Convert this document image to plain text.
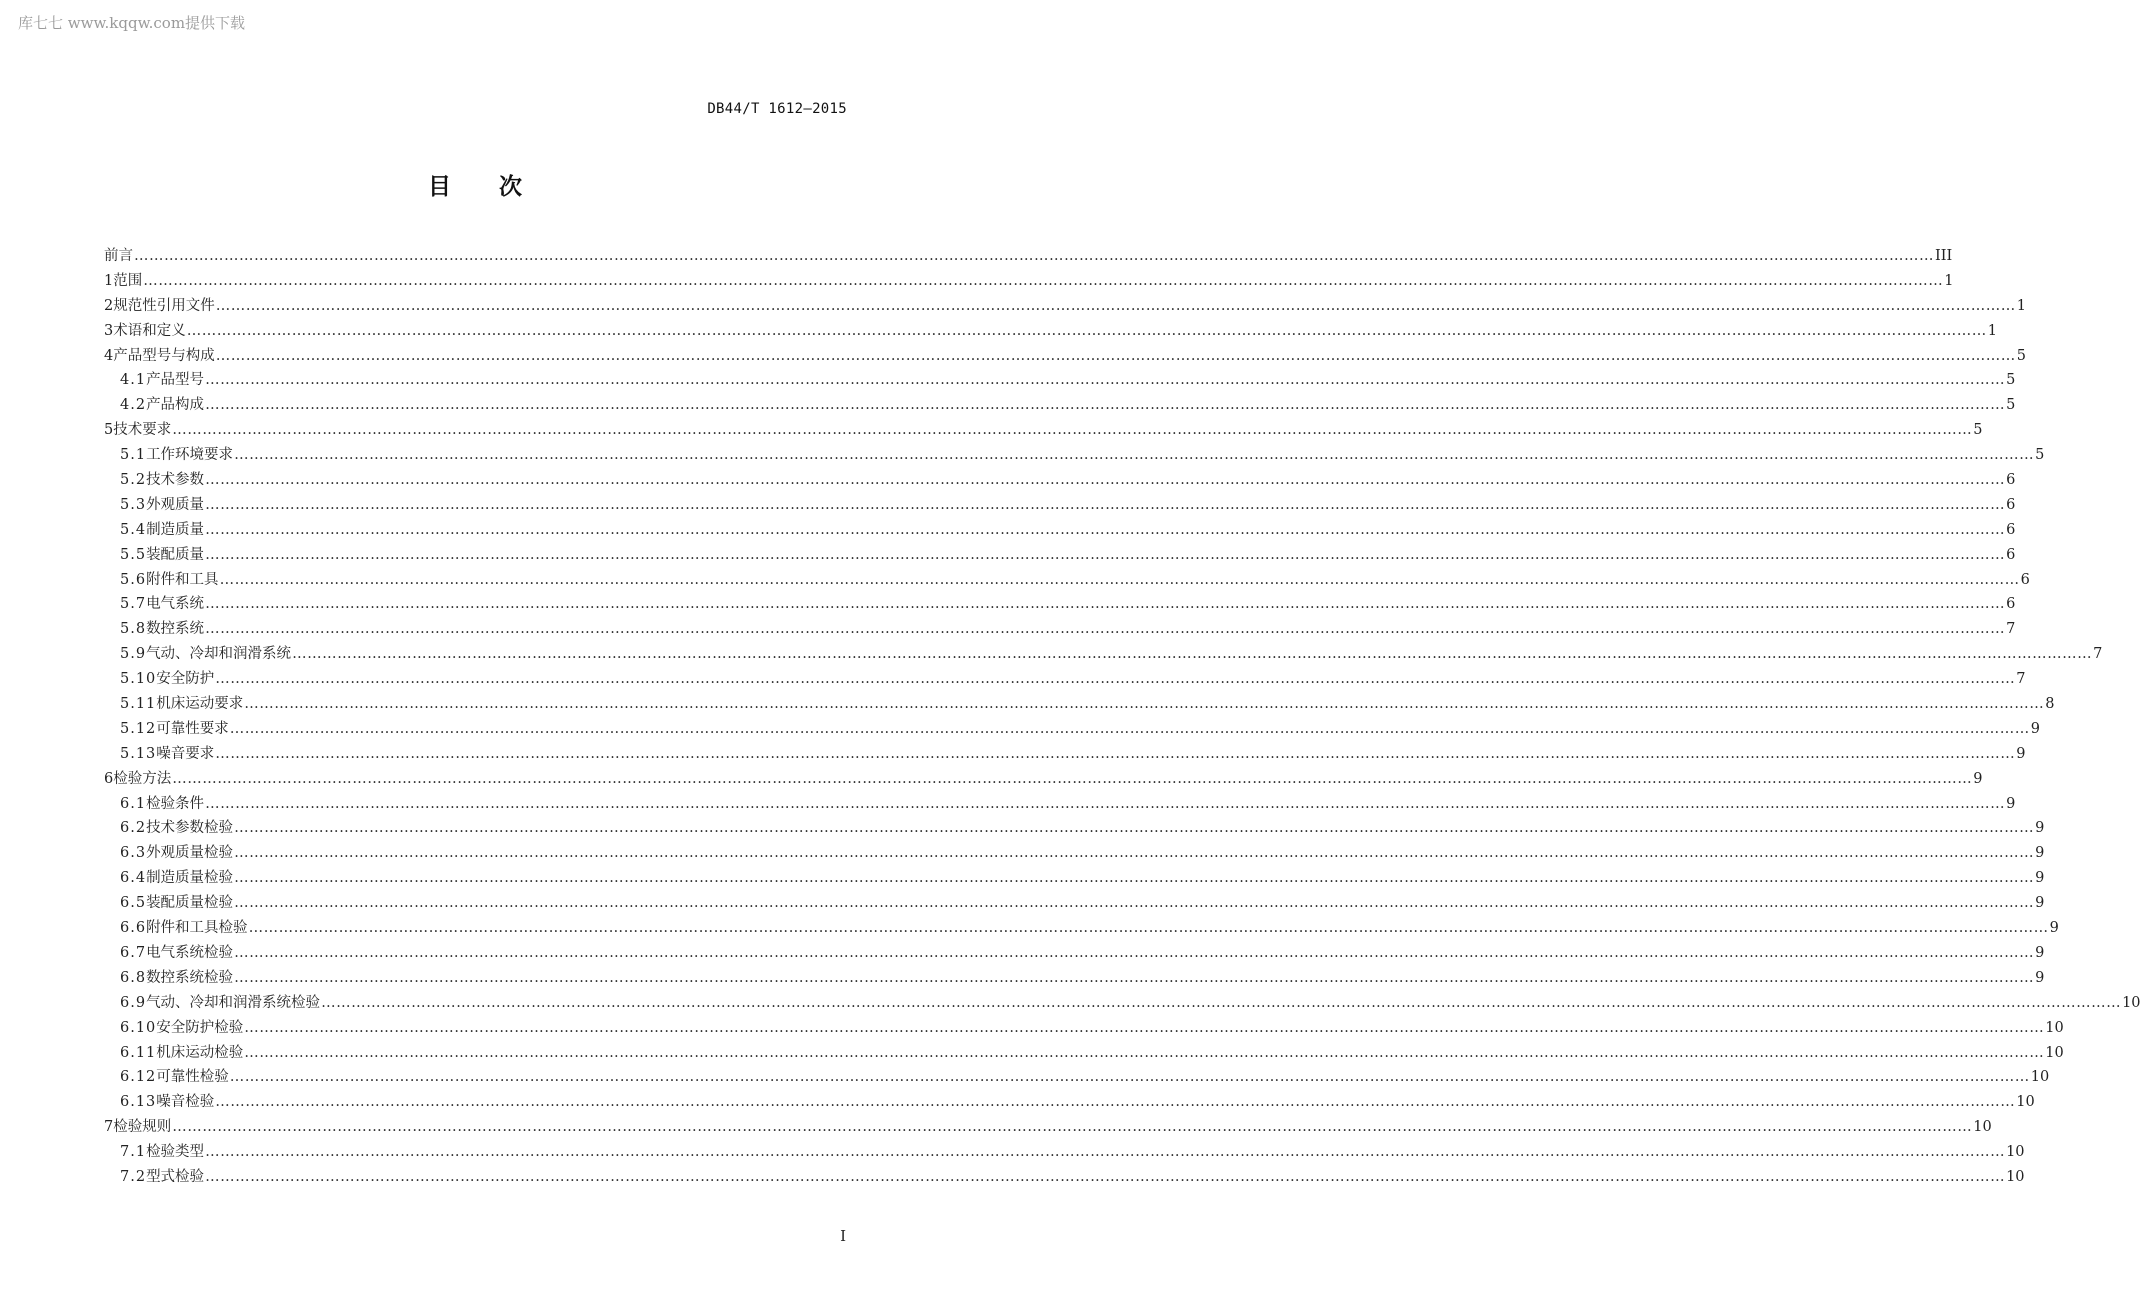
库七七 www.kqqw.com提供下载
DB44/T 1612—2015
目次
前言 ……………………………………………………………………………………………………………………………………………………………………………………………………………………………………………………………………………………………………………………………… III
1 范围 ……………………………………………………………………………………………………………………………………………………………………………………………………………………………………………………………………………………………………………………………… 1
2 规范性引用文件 ……………………………………………………………………………………………………………………………………………………………………………………………………………………………………………………………………………………………………………………………… 1
3 术语和定义 ……………………………………………………………………………………………………………………………………………………………………………………………………………………………………………………………………………………………………………………………… 1
4 产品型号与构成 ……………………………………………………………………………………………………………………………………………………………………………………………………………………………………………………………………………………………………………………………… 5
4.1 产品型号 ……………………………………………………………………………………………………………………………………………………………………………………………………………………………………………………………………………………………………………………………… 5
4.2 产品构成 ……………………………………………………………………………………………………………………………………………………………………………………………………………………………………………………………………………………………………………………………… 5
5 技术要求 ……………………………………………………………………………………………………………………………………………………………………………………………………………………………………………………………………………………………………………………………… 5
5.1 工作环境要求 ……………………………………………………………………………………………………………………………………………………………………………………………………………………………………………………………………………………………………………………………… 5
5.2 技术参数 ……………………………………………………………………………………………………………………………………………………………………………………………………………………………………………………………………………………………………………………………… 6
5.3 外观质量 ……………………………………………………………………………………………………………………………………………………………………………………………………………………………………………………………………………………………………………………………… 6
5.4 制造质量 ……………………………………………………………………………………………………………………………………………………………………………………………………………………………………………………………………………………………………………………………… 6
5.5 装配质量 ……………………………………………………………………………………………………………………………………………………………………………………………………………………………………………………………………………………………………………………………… 6
5.6 附件和工具 ……………………………………………………………………………………………………………………………………………………………………………………………………………………………………………………………………………………………………………………………… 6
5.7 电气系统 ……………………………………………………………………………………………………………………………………………………………………………………………………………………………………………………………………………………………………………………………… 6
5.8 数控系统 ……………………………………………………………………………………………………………………………………………………………………………………………………………………………………………………………………………………………………………………………… 7
5.9 气动、冷却和润滑系统 ……………………………………………………………………………………………………………………………………………………………………………………………………………………………………………………………………………………………………………………………… 7
5.10 安全防护 ……………………………………………………………………………………………………………………………………………………………………………………………………………………………………………………………………………………………………………………………… 7
5.11 机床运动要求 ……………………………………………………………………………………………………………………………………………………………………………………………………………………………………………………………………………………………………………………………… 8
5.12 可靠性要求 ……………………………………………………………………………………………………………………………………………………………………………………………………………………………………………………………………………………………………………………………… 9
5.13 噪音要求 ……………………………………………………………………………………………………………………………………………………………………………………………………………………………………………………………………………………………………………………………… 9
6 检验方法 ……………………………………………………………………………………………………………………………………………………………………………………………………………………………………………………………………………………………………………………………… 9
6.1 检验条件 ……………………………………………………………………………………………………………………………………………………………………………………………………………………………………………………………………………………………………………………………… 9
6.2 技术参数检验 ……………………………………………………………………………………………………………………………………………………………………………………………………………………………………………………………………………………………………………………………… 9
6.3 外观质量检验 ……………………………………………………………………………………………………………………………………………………………………………………………………………………………………………………………………………………………………………………………… 9
6.4 制造质量检验 ……………………………………………………………………………………………………………………………………………………………………………………………………………………………………………………………………………………………………………………………… 9
6.5 装配质量检验 ……………………………………………………………………………………………………………………………………………………………………………………………………………………………………………………………………………………………………………………………… 9
6.6 附件和工具检验 ……………………………………………………………………………………………………………………………………………………………………………………………………………………………………………………………………………………………………………………………… 9
6.7 电气系统检验 ……………………………………………………………………………………………………………………………………………………………………………………………………………………………………………………………………………………………………………………………… 9
6.8 数控系统检验 ……………………………………………………………………………………………………………………………………………………………………………………………………………………………………………………………………………………………………………………………… 9
6.9 气动、冷却和润滑系统检验 ……………………………………………………………………………………………………………………………………………………………………………………………………………………………………………………………………………………………………………………………… 10
6.10 安全防护检验 ……………………………………………………………………………………………………………………………………………………………………………………………………………………………………………………………………………………………………………………………… 10
6.11 机床运动检验 ……………………………………………………………………………………………………………………………………………………………………………………………………………………………………………………………………………………………………………………………… 10
6.12 可靠性检验 ……………………………………………………………………………………………………………………………………………………………………………………………………………………………………………………………………………………………………………………………… 10
6.13 噪音检验 ……………………………………………………………………………………………………………………………………………………………………………………………………………………………………………………………………………………………………………………………… 10
7 检验规则 ……………………………………………………………………………………………………………………………………………………………………………………………………………………………………………………………………………………………………………………………… 10
7.1 检验类型 ……………………………………………………………………………………………………………………………………………………………………………………………………………………………………………………………………………………………………………………………… 10
7.2 型式检验 ……………………………………………………………………………………………………………………………………………………………………………………………………………………………………………………………………………………………………………………………… 10
I
